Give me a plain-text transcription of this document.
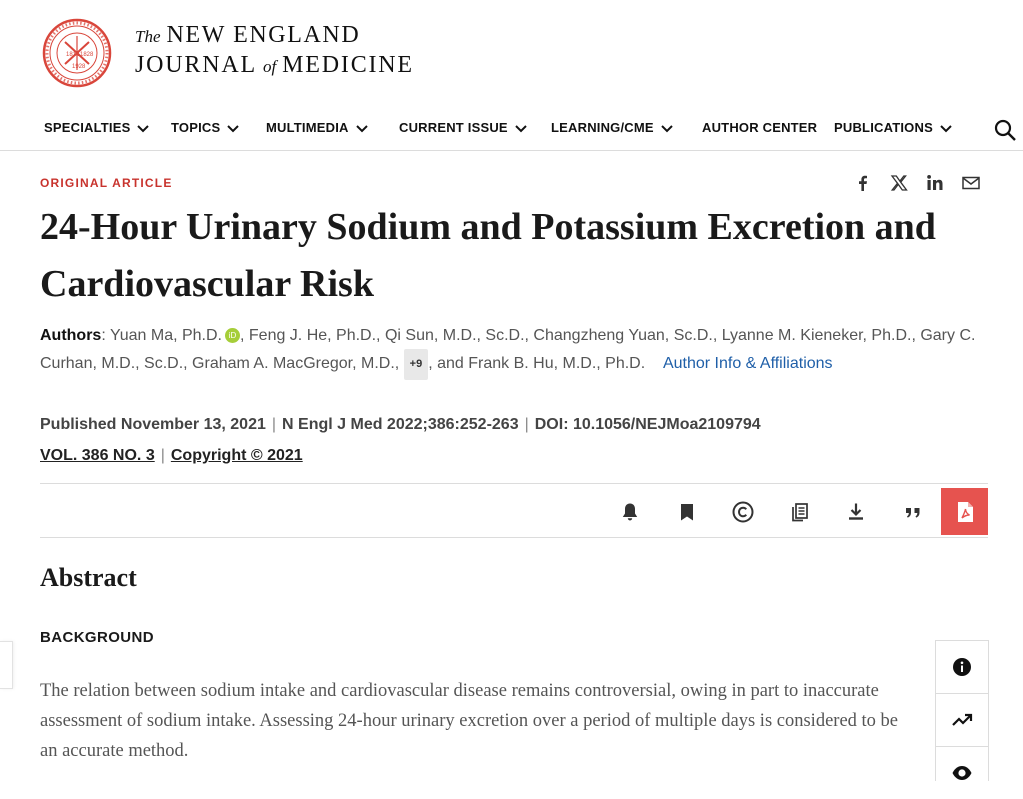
1812 1828
1928
The NEW ENGLAND
JOURNAL of MEDICINE
SPECIALTIES	TOPICS	MULTIMEDIA	CURRENT ISSUE	LEARNING/CME	AUTHOR CENTER PUBLICATIONS
ORIGINAL ARTICLE
24-Hour Urinary Sodium and Potassium Excretion and Cardiovascular Risk
Authors: Yuan Ma, Ph.D. iD , Feng J. He, Ph.D., Qi Sun, M.D., Sc.D., Changzheng Yuan, Sc.D., Lyanne M. Kieneker, Ph.D., Gary C. Curhan, M.D., Sc.D., Graham A. MacGregor, M.D., +9 , and Frank B. Hu, M.D., Ph.D. Author Info & Affiliations
Published November 13, 2021 | N Engl J Med 2022;386:252-263 | DOI: 10.1056/NEJMoa2109794
VOL. 386 NO. 3 | Copyright © 2021
Abstract
BACKGROUND

The relation between sodium intake and cardiovascular disease remains controversial, owing in part to inaccurate assessment of sodium intake. Assessing 24-hour urinary excretion over a period of multiple days is considered to be an accurate method.
